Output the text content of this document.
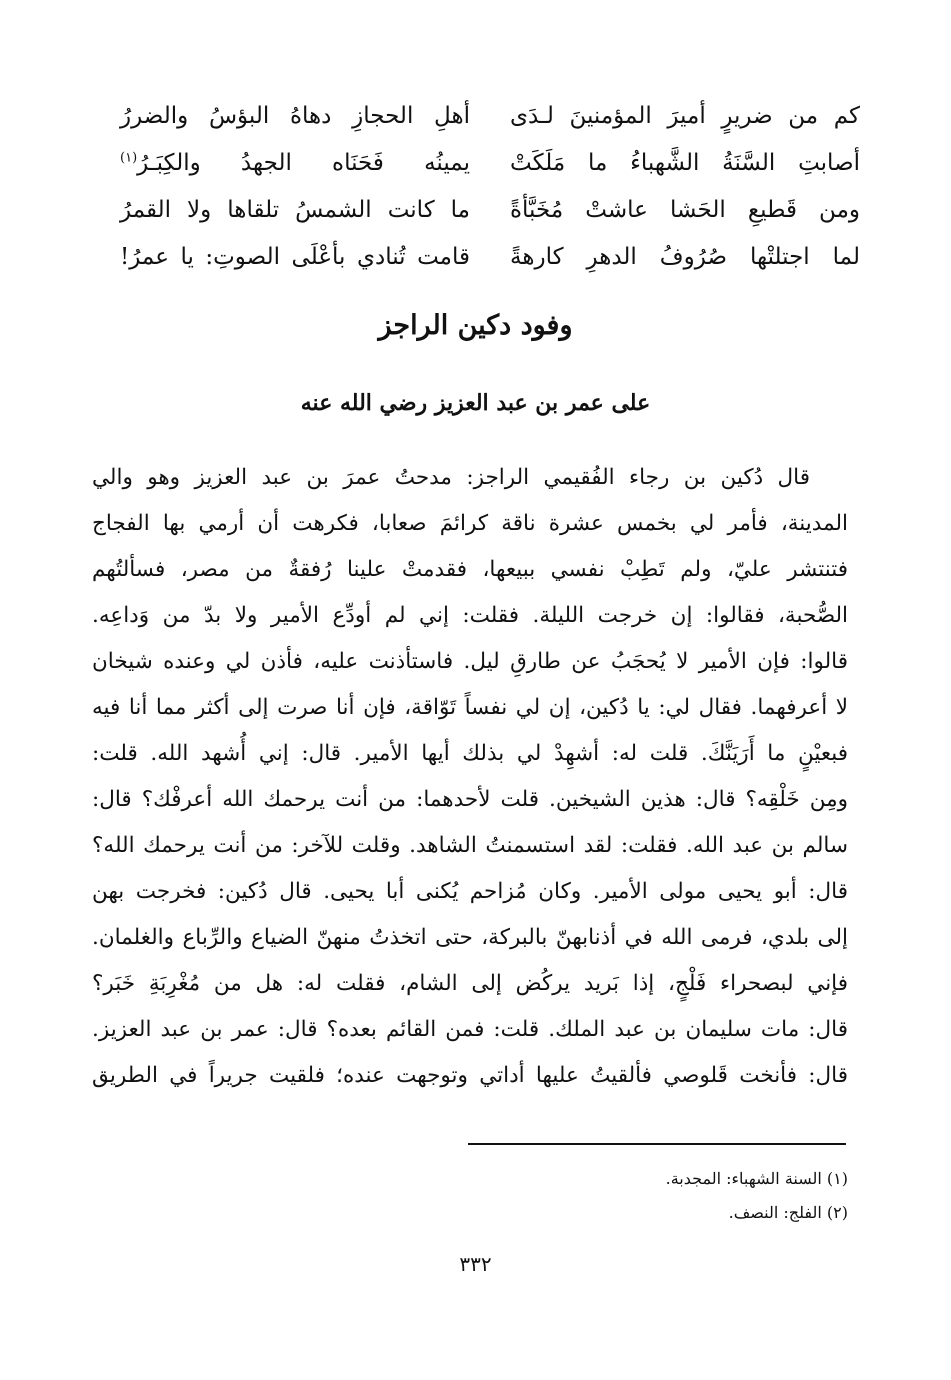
كم من ضريرٍ أميرَ المؤمنينَ لـدَى
أهلِ الحجازِ دهاهُ البؤسُ والضررُ
أصابتِ السَّنَةُ الشَّهباءُ ما مَلَكَتْ
يمينُه فَحَنَاه الجهدُ والكِبَـرُ$^{(١)}$
ومن قَطيعِ الحَشا عاشتْ مُخَبَّأةً
ما كانت الشمسُ تلقاها ولا القمرُ
لما اجتلتْها صُرُوفُ الدهرِ كارهةً
قامت تُنادي بأعْلَى الصوتِ: يا عمرُ!
وفود دكين الراجز
على عمر بن عبد العزيز رضي الله عنه
قال دُكين بن رجاء الفُقيمي الراجز: مدحتُ عمرَ بن عبد العزيز وهو والي
المدينة، فأمر لي بخمس عشرة ناقة كرائمَ صعابا، فكرهت أن أرمي بها الفجاج
فتنتشر عليّ، ولم تَطِبْ نفسي ببيعها، فقدمتْ علينا رُفقةٌ من مصر، فسألتُهم
الصُّحبة، فقالوا: إن خرجت الليلة. فقلت: إني لم أودِّع الأمير ولا بدّ من وَداعِه.
قالوا: فإن الأمير لا يُحجَبُ عن طارقِ ليل. فاستأذنت عليه، فأذن لي وعنده شيخان
لا أعرفهما. فقال لي: يا دُكين، إن لي نفساً تَوّاقة، فإن أنا صرت إلى أكثر مما أنا فيه
فبعيْنٍ ما أَرَيَنَّكَ. قلت له: أشهِدْ لي بذلك أيها الأمير. قال: إني أُشهد الله. قلت:
ومِن خَلْقِه؟ قال: هذين الشيخين. قلت لأحدهما: من أنت يرحمك الله أعرفْك؟ قال:
سالم بن عبد الله. فقلت: لقد استسمنتُ الشاهد. وقلت للآخر: من أنت يرحمك الله؟
قال: أبو يحيى مولى الأمير. وكان مُزاحم يُكنى أبا يحيى. قال دُكين: فخرجت بهن
إلى بلدي، فرمى الله في أذنابهنّ بالبركة، حتى اتخذتُ منهنّ الضياع والرِّباع والغلمان.
فإني لبصحراء فَلْجٍ، إذا بَريد يركُض إلى الشام، فقلت له: هل من مُغْرِبَةِ خَبَر؟
قال: مات سليمان بن عبد الملك. قلت: فمن القائم بعده؟ قال: عمر بن عبد العزيز.
قال: فأنخت قَلوصي فألقيتُ عليها أداتي وتوجهت عنده؛ فلقيت جريراً في الطريق
(١) السنة الشهباء: المجدبة.
(٢) الفلج: النصف.
٣٣٢
